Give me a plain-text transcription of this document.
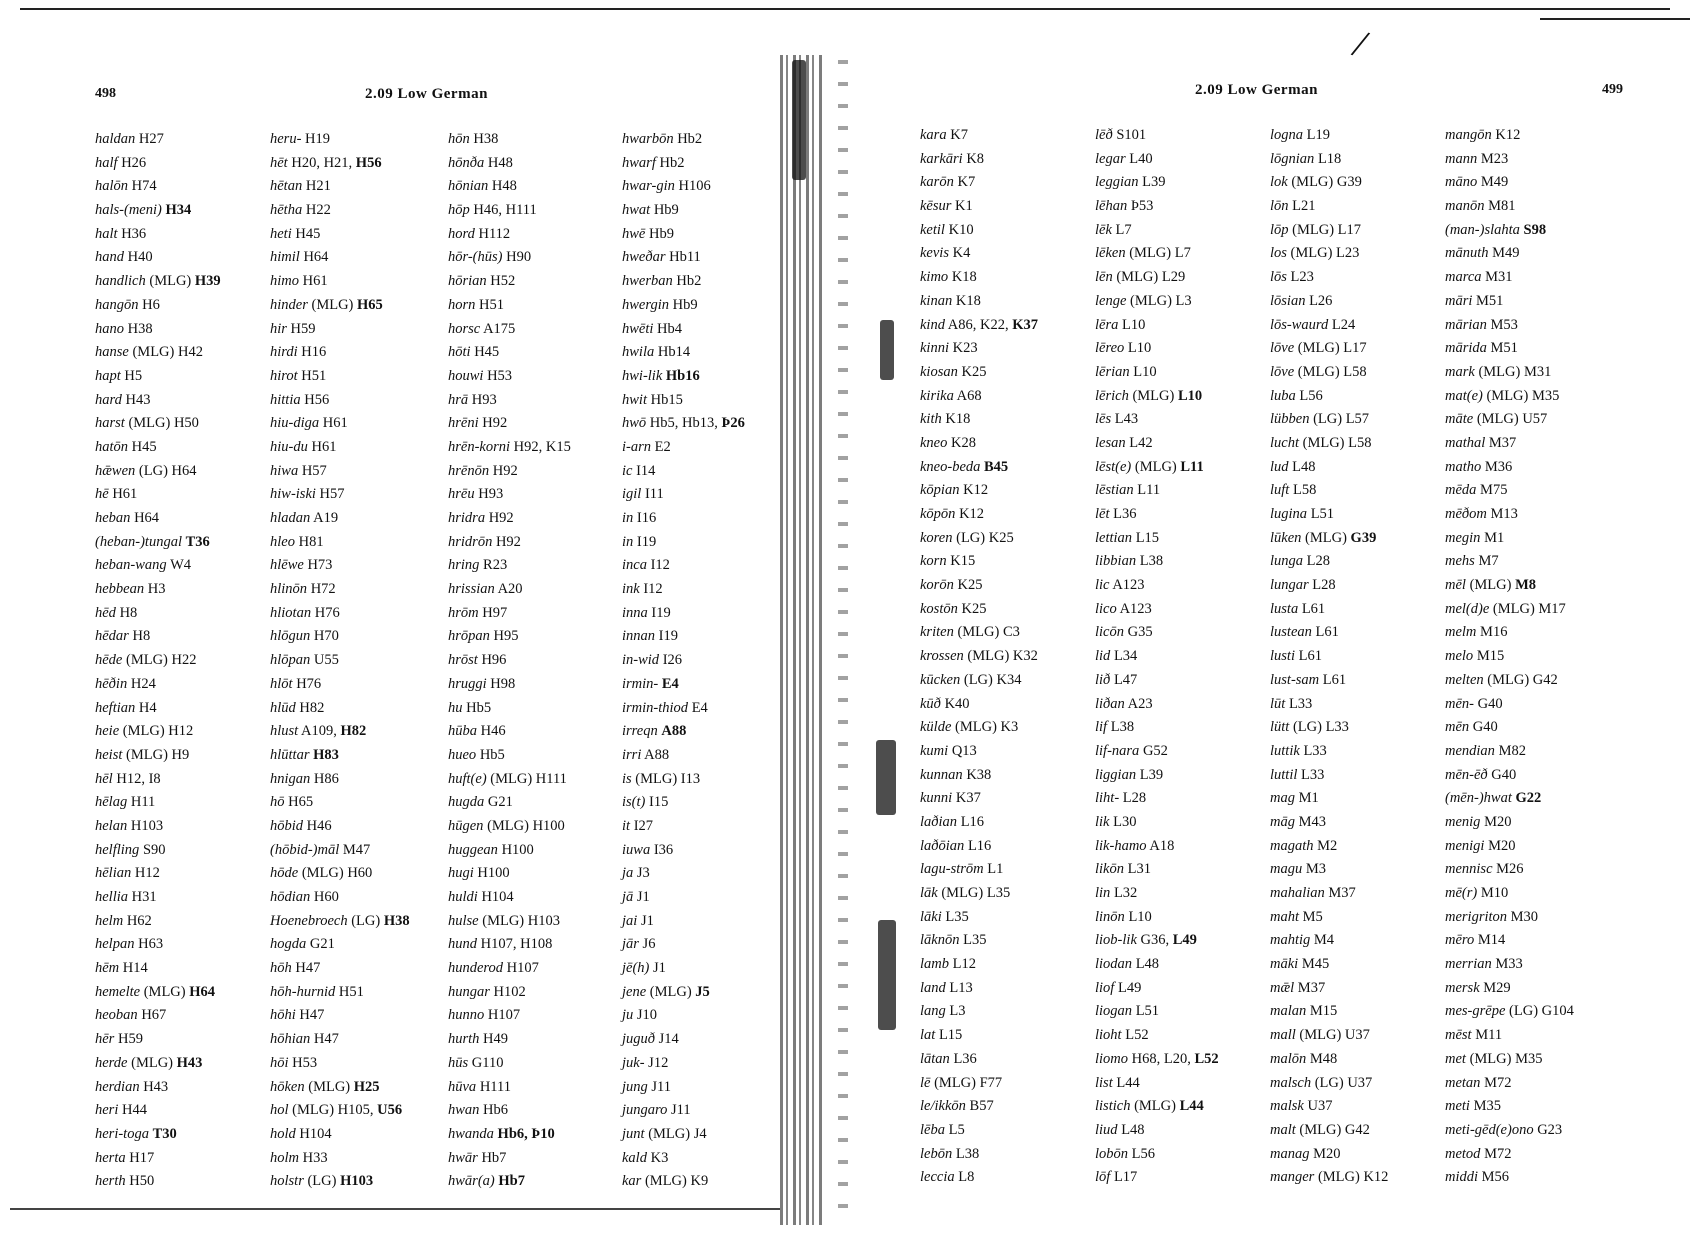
/
498	2.09 Low German
haldan H27
half H26
halōn H74
hals-(meni) H34
halt H36
hand H40
handlich (MLG) H39
hangōn H6
hano H38
hanse (MLG) H42
hapt H5
hard H43
harst (MLG) H50
hatōn H45
hǣwen (LG) H64
hē H61
heban H64
(heban-)tungal T36
heban-wang W4
hebbean H3
hēd H8
hēdar H8
hēde (MLG) H22
hēðin H24
heftian H4
heie (MLG) H12
heist (MLG) H9
hēl H12, I8
hēlag H11
helan H103
helfling S90
hēlian H12
hellia H31
helm H62
helpan H63
hēm H14
hemelte (MLG) H64
heoban H67
hēr H59
herde (MLG) H43
herdian H43
heri H44
heri-toga T30
herta H17
herth H50
heru- H19
hēt H20, H21, H56
hētan H21
hētha H22
heti H45
himil H64
himo H61
hinder (MLG) H65
hir H59
hirdi H16
hirot H51
hittia H56
hiu-diga H61
hiu-du H61
hiwa H57
hiw-iski H57
hladan A19
hleo H81
hlēwe H73
hlinōn H72
hliotan H76
hlōgun H70
hlōpan U55
hlōt H76
hlūd H82
hlust A109, H82
hlūttar H83
hnigan H86
hō H65
hōbid H46
(hōbid-)māl M47
hōde (MLG) H60
hōdian H60
Hoenebroech (LG) H38
hogda G21
hōh H47
hōh-hurnid H51
hōhi H47
hōhian H47
hōi H53
hōken (MLG) H25
hol (MLG) H105, U56
hold H104
holm H33
holstr (LG) H103
hōn H38
hōnða H48
hōnian H48
hōp H46, H111
hord H112
hōr-(hūs) H90
hōrian H52
horn H51
horsc A175
hōti H45
houwi H53
hrā H93
hrēni H92
hrēn-korni H92, K15
hrēnōn H92
hrēu H93
hridra H92
hridrōn H92
hring R23
hrissian A20
hrōm H97
hrōpan H95
hrōst H96
hruggi H98
hu Hb5
hūba H46
hueo Hb5
huft(e) (MLG) H111
hugda G21
hūgen (MLG) H100
huggean H100
hugi H100
huldi H104
hulse (MLG) H103
hund H107, H108
hunderod H107
hungar H102
hunno H107
hurth H49
hūs G110
hūva H111
hwan Hb6
hwanda Hb6, Þ10
hwār Hb7
hwār(a) Hb7
hwarbōn Hb2
hwarf Hb2
hwar-gin H106
hwat Hb9
hwē Hb9
hweðar Hb11
hwerban Hb2
hwergin Hb9
hwēti Hb4
hwila Hb14
hwi-lik Hb16
hwit Hb15
hwō Hb5, Hb13, Þ26
i-arn E2
ic I14
igil I11
in I16
in I19
inca I12
ink I12
inna I19
innan I19
in-wid I26
irmin- E4
irmin-thiod E4
irreqn A88
irri A88
is (MLG) I13
is(t) I15
it I27
iuwa I36
ja J3
jā J1
jai J1
jār J6
jē(h) J1
jene (MLG) J5
ju J10
juguð J14
juk- J12
jung J11
jungaro J11
junt (MLG) J4
kald K3
kar (MLG) K9
2.09 Low German	499
kara K7
karkāri K8
karōn K7
kēsur K1
ketil K10
kevis K4
kimo K18
kinan K18
kind A86, K22, K37
kinni K23
kiosan K25
kirika A68
kith K18
kneo K28
kneo-beda B45
kōpian K12
kōpōn K12
koren (LG) K25
korn K15
korōn K25
kostōn K25
kriten (MLG) C3
krossen (MLG) K32
kūcken (LG) K34
kūð K40
külde (MLG) K3
kumi Q13
kunnan K38
kunni K37
laðian L16
laðōian L16
lagu-strōm L1
lāk (MLG) L35
lāki L35
lāknōn L35
lamb L12
land L13
lang L3
lat L15
lātan L36
lē (MLG) F77
le/ikkōn B57
lēba L5
lebōn L38
leccia L8
lēð S101
legar L40
leggian L39
lēhan Þ53
lēk L7
lēken (MLG) L7
lēn (MLG) L29
lenge (MLG) L3
lēra L10
lēreo L10
lērian L10
lērich (MLG) L10
lēs L43
lesan L42
lēst(e) (MLG) L11
lēstian L11
lēt L36
lettian L15
libbian L38
lic A123
lico A123
licōn G35
lid L34
lið L47
liðan A23
lif L38
lif-nara G52
liggian L39
liht- L28
lik L30
lik-hamo A18
likōn L31
lin L32
linōn L10
liob-lik G36, L49
liodan L48
liof L49
liogan L51
lioht L52
liomo H68, L20, L52
list L44
listich (MLG) L44
liud L48
lobōn L56
lōf L17
logna L19
lōgnian L18
lok (MLG) G39
lōn L21
lōp (MLG) L17
los (MLG) L23
lōs L23
lōsian L26
lōs-waurd L24
lōve (MLG) L17
lōve (MLG) L58
luba L56
lübben (LG) L57
lucht (MLG) L58
lud L48
luft L58
lugina L51
lūken (MLG) G39
lunga L28
lungar L28
lusta L61
lustean L61
lusti L61
lust-sam L61
lūt L33
lütt (LG) L33
luttik L33
luttil L33
mag M1
māg M43
magath M2
magu M3
mahalian M37
maht M5
mahtig M4
māki M45
mǣl M37
malan M15
mall (MLG) U37
malōn M48
malsch (LG) U37
malsk U37
malt (MLG) G42
manag M20
manger (MLG) K12
mangōn K12
mann M23
māno M49
manōn M81
(man-)slahta S98
mānuth M49
marca M31
māri M51
mārian M53
mārida M51
mark (MLG) M31
mat(e) (MLG) M35
māte (MLG) U57
mathal M37
matho M36
mēda M75
mēðom M13
megin M1
mehs M7
mēl (MLG) M8
mel(d)e (MLG) M17
melm M16
melo M15
melten (MLG) G42
mēn- G40
mēn G40
mendian M82
mēn-ēð G40
(mēn-)hwat G22
menig M20
menigi M20
mennisc M26
mē(r) M10
merigriton M30
mēro M14
merrian M33
mersk M29
mes-grēpe (LG) G104
mēst M11
met (MLG) M35
metan M72
meti M35
meti-gēd(e)ono G23
metod M72
middi M56
